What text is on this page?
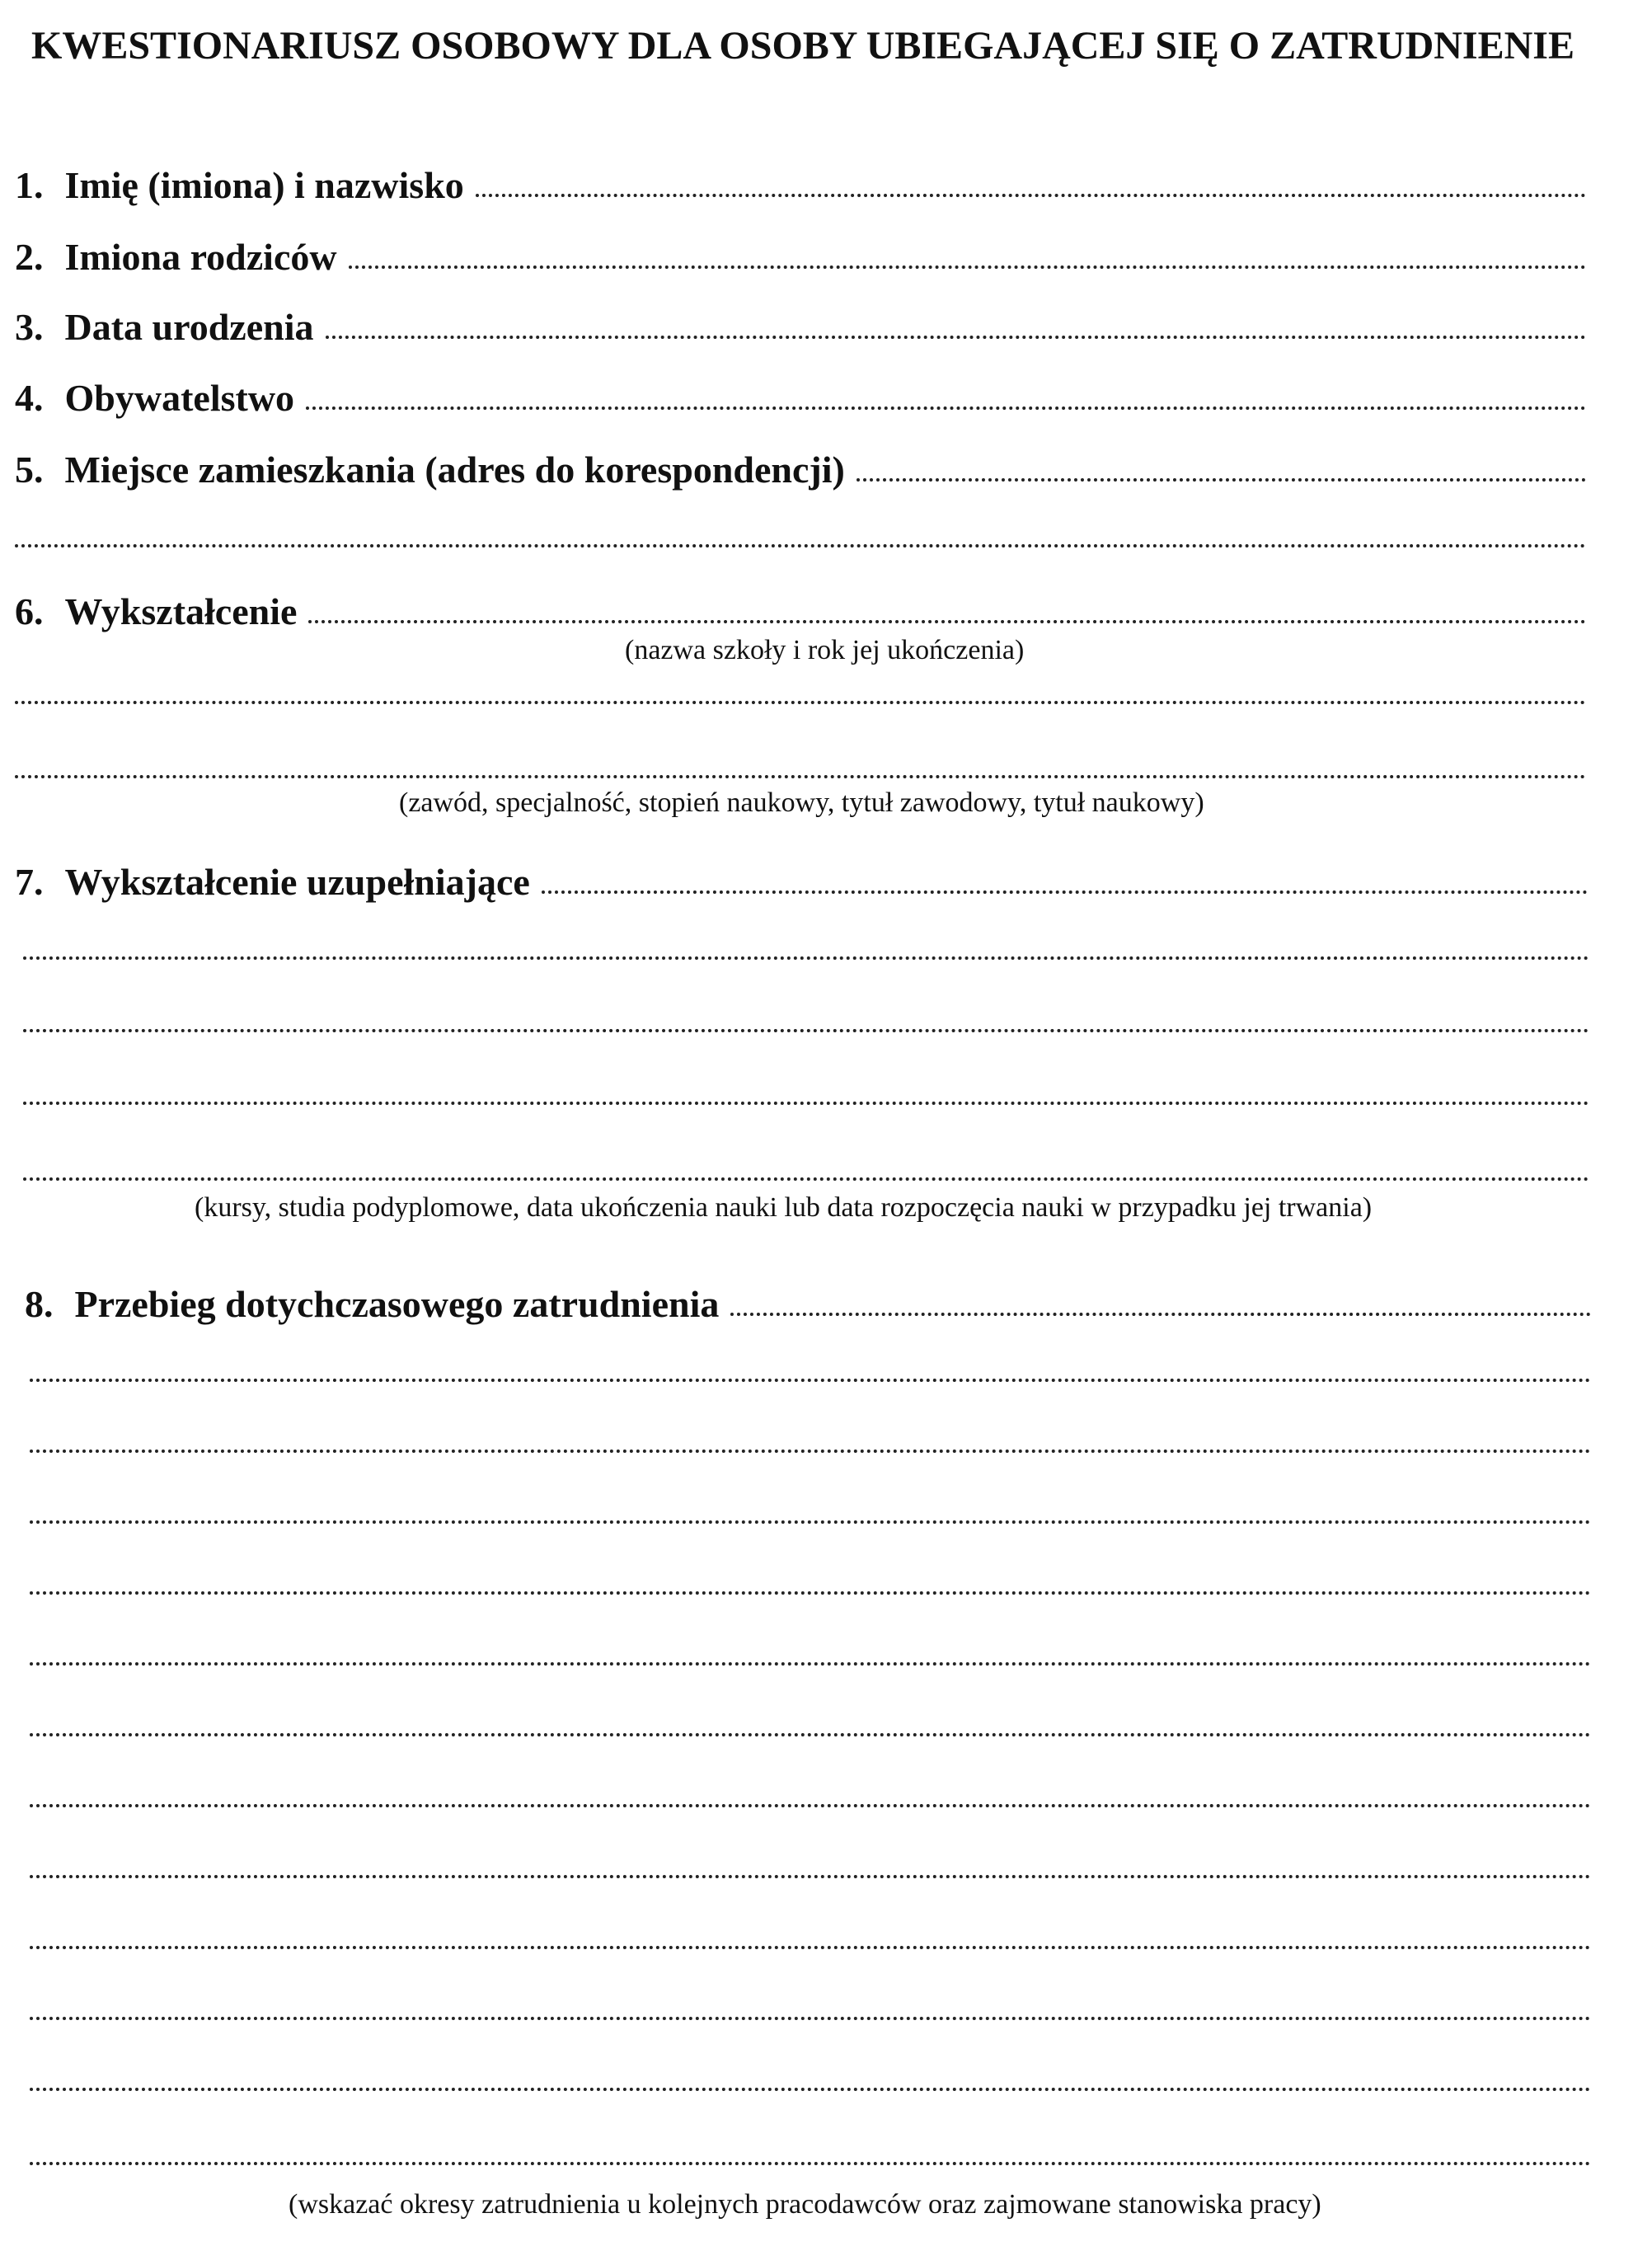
KWESTIONARIUSZ OSOBOWY DLA OSOBY UBIEGAJĄCEJ SIĘ O ZATRUDNIENIE
1. Imię (imiona) i nazwisko
2. Imiona rodziców
3. Data urodzenia
4. Obywatelstwo
5. Miejsce zamieszkania (adres do korespondencji)
6. Wykształcenie
(nazwa szkoły i rok jej ukończenia)
(zawód, specjalność, stopień naukowy, tytuł zawodowy, tytuł naukowy)
7. Wykształcenie uzupełniające
(kursy, studia podyplomowe, data ukończenia nauki lub data rozpoczęcia nauki w przypadku jej trwania)
8. Przebieg dotychczasowego zatrudnienia
(wskazać okresy zatrudnienia u kolejnych pracodawców oraz zajmowane stanowiska pracy)
